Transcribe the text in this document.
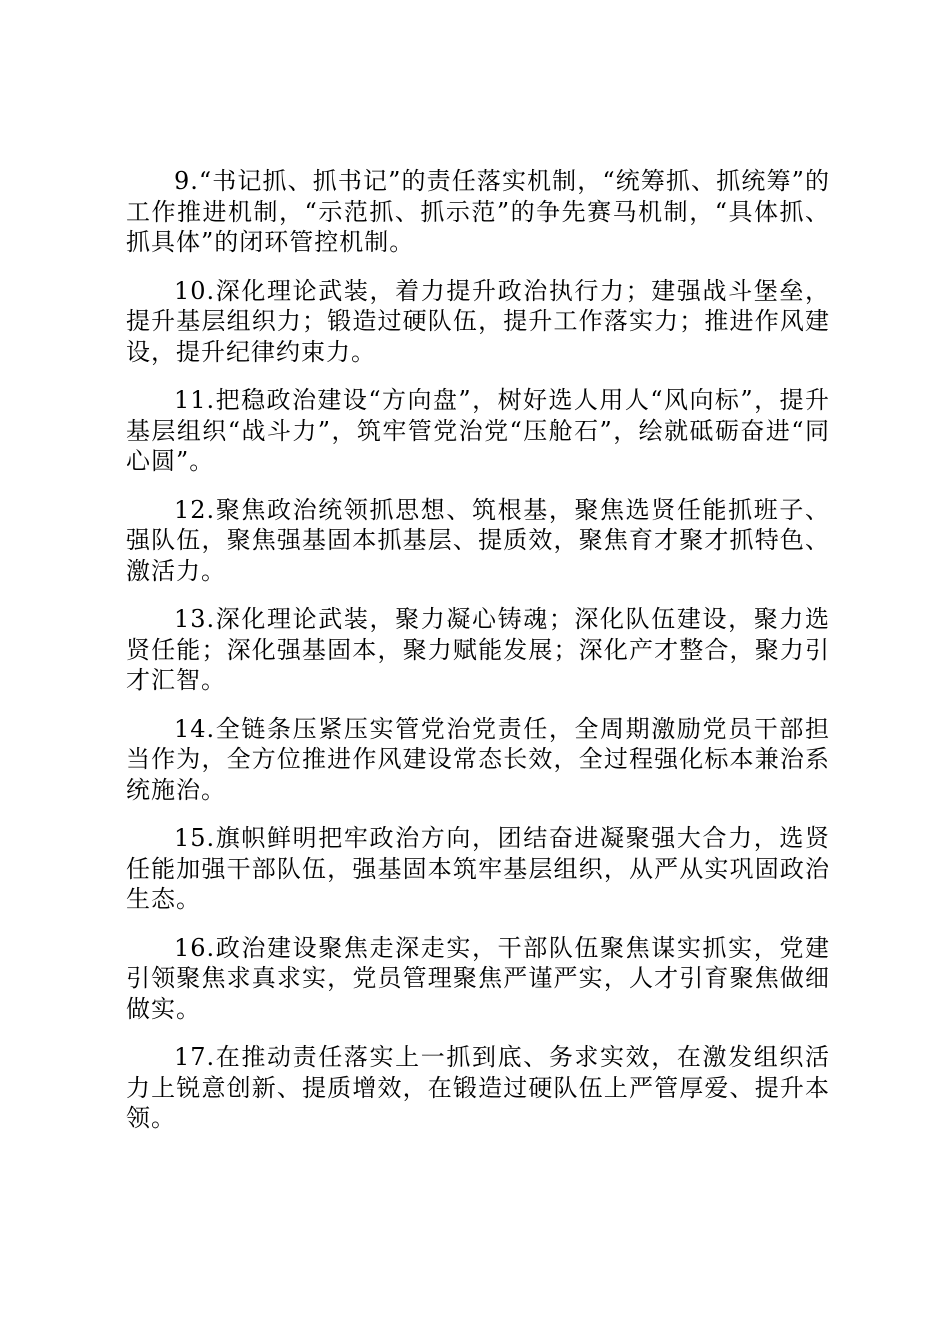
9.“书记抓、抓书记”的责任落实机制，“统筹抓、抓统筹”的工作推进机制，“示范抓、抓示范”的争先赛马机制，“具体抓、抓具体”的闭环管控机制。

10.深化理论武装，着力提升政治执行力；建强战斗堡垒，提升基层组织力；锻造过硬队伍，提升工作落实力；推进作风建设，提升纪律约束力。

11.把稳政治建设“方向盘”，树好选人用人“风向标”，提升基层组织“战斗力”，筑牢管党治党“压舱石”，绘就砥砺奋进“同心圆”。

12.聚焦政治统领抓思想、筑根基，聚焦选贤任能抓班子、强队伍，聚焦强基固本抓基层、提质效，聚焦育才聚才抓特色、激活力。

13.深化理论武装，聚力凝心铸魂；深化队伍建设，聚力选贤任能；深化强基固本，聚力赋能发展；深化产才整合，聚力引才汇智。

14.全链条压紧压实管党治党责任，全周期激励党员干部担当作为，全方位推进作风建设常态长效，全过程强化标本兼治系统施治。

15.旗帜鲜明把牢政治方向，团结奋进凝聚强大合力，选贤任能加强干部队伍，强基固本筑牢基层组织，从严从实巩固政治生态。

16.政治建设聚焦走深走实，干部队伍聚焦谋实抓实，党建引领聚焦求真求实，党员管理聚焦严谨严实，人才引育聚焦做细做实。

17.在推动责任落实上一抓到底、务求实效，在激发组织活力上锐意创新、提质增效，在锻造过硬队伍上严管厚爱、提升本领。
